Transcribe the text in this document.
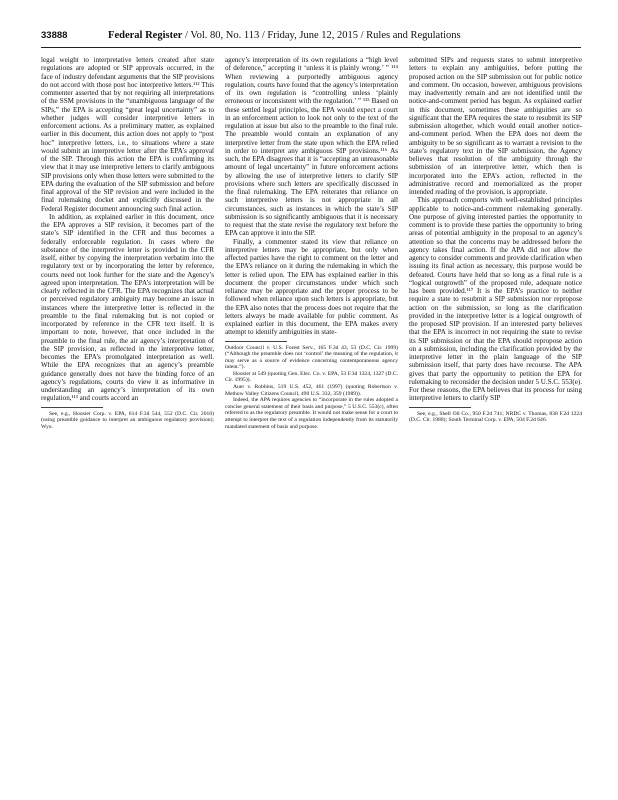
33888	Federal Register / Vol. 80, No. 113 / Friday, June 12, 2015 / Rules and Regulations

legal weight to interpretative letters created after state regulations are adopted or SIP approvals occurred, in the face of industry defendant arguments that the SIP provisions do not accord with those post hoc interpretive letters.¹¹² This commenter asserted that by not requiring all interpretations of the SSM provisions in the “unambiguous language of the SIPs,” the EPA is accepting “great legal uncertainty” as to whether judges will consider interpretive letters in enforcement actions. As a preliminary matter, as explained earlier in this document, this action does not apply to “post hoc” interpretive letters, i.e., to situations where a state would submit an interpretive letter after the EPA’s approval of the SIP. Through this action the EPA is confirming its view that it may use interpretive letters to clarify ambiguous SIP provisions only when those letters were submitted to the EPA during the evaluation of the SIP submission and before final approval of the SIP revision and were included in the final rulemaking docket and explicitly discussed in the Federal Register document announcing such final action.

In addition, as explained earlier in this document, once the EPA approves a SIP revision, it becomes part of the state’s SIP identified in the CFR and thus becomes a federally enforceable regulation. In cases where the substance of the interpretive letter is provided in the CFR itself, either by copying the interpretation verbatim into the regulatory text or by incorporating the letter by reference, courts need not look further for the state and the Agency’s agreed upon interpretation. The EPA’s interpretation will be clearly reflected in the CFR. The EPA recognizes that actual or perceived regulatory ambiguity may become an issue in instances where the interpretive letter is reflected in the preamble to the final rulemaking but is not copied or incorporated by reference in the CFR text itself. It is important to note, however, that once included in the preamble to the final rule, the air agency’s interpretation of the SIP provision, as reflected in the interpretive letter, becomes the EPA’s promulgated interpretation as well. While the EPA recognizes that an agency’s preamble guidance generally does not have the binding force of an agency’s regulations, courts do view it as informative in understanding an agency’s interpretation of its own regulation,¹¹³ and courts accord an

See, e.g., Hoosier Corp. v. EPA, 614 F.3d 544, 552 (D.C. Cir. 2010) (using preamble guidance to interpret an ambiguous regulatory provision); Wyo.

agency’s interpretation of its own regulations a “high level of deference,” accepting it ‘unless it is plainly wrong.’ ” ¹¹⁴ When reviewing a purportedly ambiguous agency regulation, courts have found that the agency’s interpretation of its own regulation is “controlling unless ‘plainly erroneous or inconsistent with the regulation.’ ” ¹¹⁵ Based on these settled legal principles, the EPA would expect a court in an enforcement action to look not only to the text of the regulation at issue but also to the preamble to the final rule. The preamble would contain an explanation of any interpretive letter from the state upon which the EPA relied in order to interpret any ambiguous SIP provisions.¹¹⁶ As such, the EPA disagrees that it is “accepting an unreasonable amount of legal uncertainty” in future enforcement actions by allowing the use of interpretive letters to clarify SIP provisions where such letters are specifically discussed in the final rulemaking. The EPA reiterates that reliance on such interpretive letters is not appropriate in all circumstances, such as instances in which the state’s SIP submission is so significantly ambiguous that it is necessary to request that the state revise the regulatory text before the EPA can approve it into the SIP.

Finally, a commenter stated its view that reliance on interpretive letters may be appropriate, but only when affected parties have the right to comment on the letter and the EPA’s reliance on it during the rulemaking in which the letter is relied upon. The EPA has explained earlier in this document the proper circumstances under which such reliance may be appropriate and the proper process to be followed when reliance upon such letters is appropriate, but the EPA also notes that the process does not require that the letters always be made available for public comment. As explained earlier in this document, the EPA makes every attempt to identify ambiguities in state-

Outdoor Council v. U.S. Forest Serv., 165 F.3d 43, 53 (D.C. Cir. 1999) (“Although the preamble does not ‘control’ the meaning of the regulation, it may serve as a source of evidence concerning contemporaneous agency intent.”).

Hoosier at 549 (quoting Gen. Elec. Co. v. EPA, 53 F.3d 1324, 1327 (D.C. Cir. 1995)).

Auer v. Robbins, 519 U.S. 452, 461 (1997) (quoting Robertson v. Methow Valley Citizens Council, 490 U.S. 332, 359 (1989)).

Indeed, the APA requires agencies to “incorporate in the rules adopted a concise general statement of their basis and purpose,” 5 U.S.C. 553(c), often referred to as the regulatory preamble. It would not make sense for a court to attempt to interpret the text of a regulation independently from its statutorily mandated statement of basis and purpose.

submitted SIPs and requests states to submit interpretive letters to explain any ambiguities, before putting the proposed action on the SIP submission out for public notice and comment. On occasion, however, ambiguous provisions may inadvertently remain and are not identified until the notice-and-comment period has begun. As explained earlier in this document, sometimes these ambiguities are so significant that the EPA requires the state to resubmit its SIP submission altogether, which would entail another notice-and-comment period. When the EPA does not deem the ambiguity to be so significant as to warrant a revision to the state’s regulatory text in the SIP submission, the Agency believes that resolution of the ambiguity through the submission of an interpretive letter, which then is incorporated into the EPA’s action, reflected in the administrative record and memorialized as the proper intended reading of the provision, is appropriate.

This approach comports with well-established principles applicable to notice-and-comment rulemaking generally. One purpose of giving interested parties the opportunity to comment is to provide these parties the opportunity to bring areas of potential ambiguity in the proposal to an agency’s attention so that the concerns may be addressed before the agency takes final action. If the APA did not allow the agency to consider comments and provide clarification when issuing its final action as necessary, this purpose would be defeated. Courts have held that so long as a final rule is a “logical outgrowth” of the proposed rule, adequate notice has been provided.¹¹⁷ It is the EPA’s practice to neither require a state to resubmit a SIP submission nor repropose action on the submission, so long as the clarification provided in the interpretive letter is a logical outgrowth of the proposed SIP provision. If an interested party believes that the EPA is incorrect in not requiring the state to revise its SIP submission or that the EPA should repropose action on a submission, including the clarification provided by the interpretive letter in the plain language of the SIP submission itself, that party does have recourse. The APA gives that party the opportunity to petition the EPA for rulemaking to reconsider the decision under 5 U.S.C. 553(e). For these reasons, the EPA believes that its process for using interpretive letters to clarify SIP

See, e.g., Shell Oil Co., 950 F.2d 741; NRDC v. Thomas, 838 F.2d 1224 (D.C. Cir. 1988); South Terminal Corp. v. EPA, 504 F.2d 646.
